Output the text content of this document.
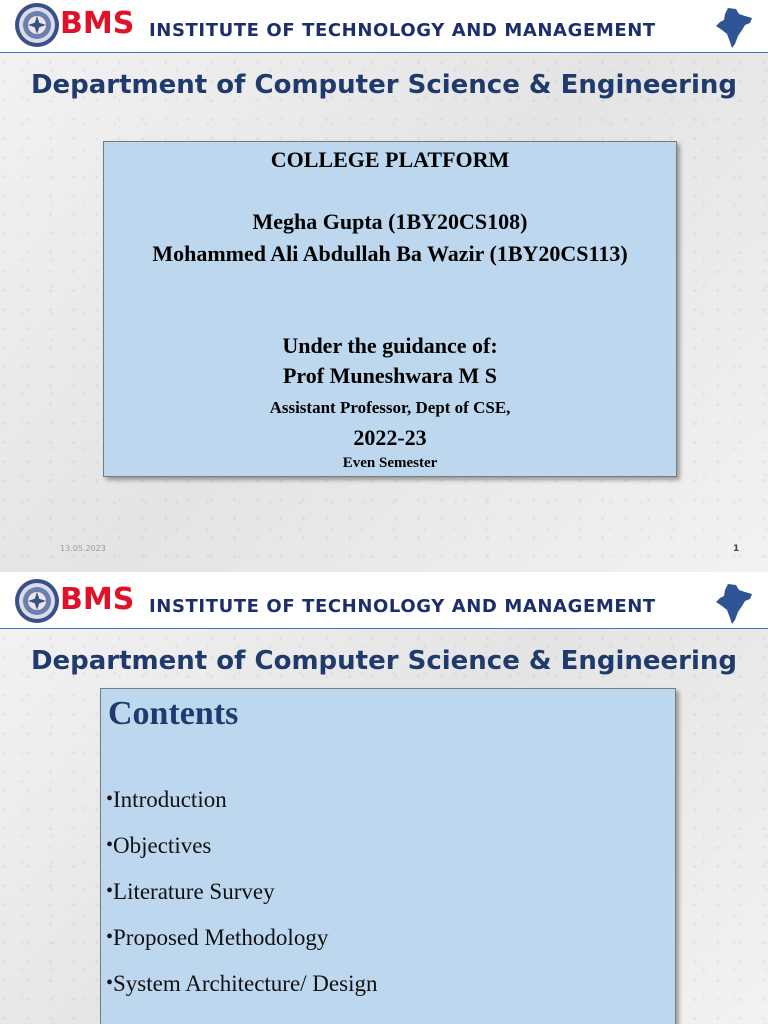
BMS INSTITUTE OF TECHNOLOGY AND MANAGEMENT
Department of Computer Science & Engineering
COLLEGE PLATFORM
Megha Gupta (1BY20CS108)
Mohammed Ali Abdullah Ba Wazir (1BY20CS113)
Under the guidance of:
Prof Muneshwara M S
Assistant Professor, Dept of CSE,
2022-23
Even Semester
13.05.2023	1
BMS INSTITUTE OF TECHNOLOGY AND MANAGEMENT
Department of Computer Science & Engineering
Contents
•Introduction
•Objectives
•Literature Survey
•Proposed Methodology
•System Architecture/ Design
